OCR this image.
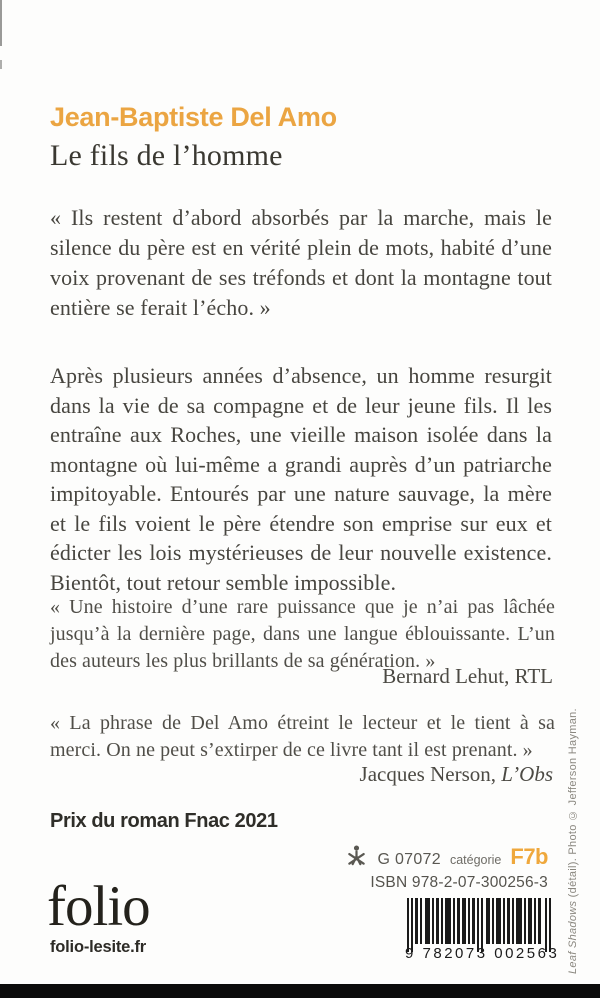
Jean-Baptiste Del Amo
Le fils de l’homme

« Ils restent d’abord absorbés par la marche, mais le silence du père est en vérité plein de mots, habité d’une voix provenant de ses tréfonds et dont la montagne tout entière se ferait l’écho. »

Après plusieurs années d’absence, un homme resurgit dans la vie de sa compagne et de leur jeune fils. Il les entraîne aux Roches, une vieille maison isolée dans la montagne où lui-même a grandi auprès d’un patriarche impitoyable. Entourés par une nature sauvage, la mère et le fils voient le père étendre son emprise sur eux et édicter les lois mystérieuses de leur nouvelle existence. Bientôt, tout retour semble impossible.

« Une histoire d’une rare puissance que je n’ai pas lâchée jusqu’à la dernière page, dans une langue éblouissante. L’un des auteurs les plus brillants de sa génération. »

Bernard Lehut, RTL

« La phrase de Del Amo étreint le lecteur et le tient à sa merci. On ne peut s’extirper de ce livre tant il est prenant. »

Jacques Nerson, L’Obs

Prix du roman Fnac 2021
G 07072 catégorie F7b
ISBN 978-2-07-300256-3
folio
folio-lesite.fr	9 782073 002563 Leaf Shadows (détail). Photo © Jefferson Hayman.
